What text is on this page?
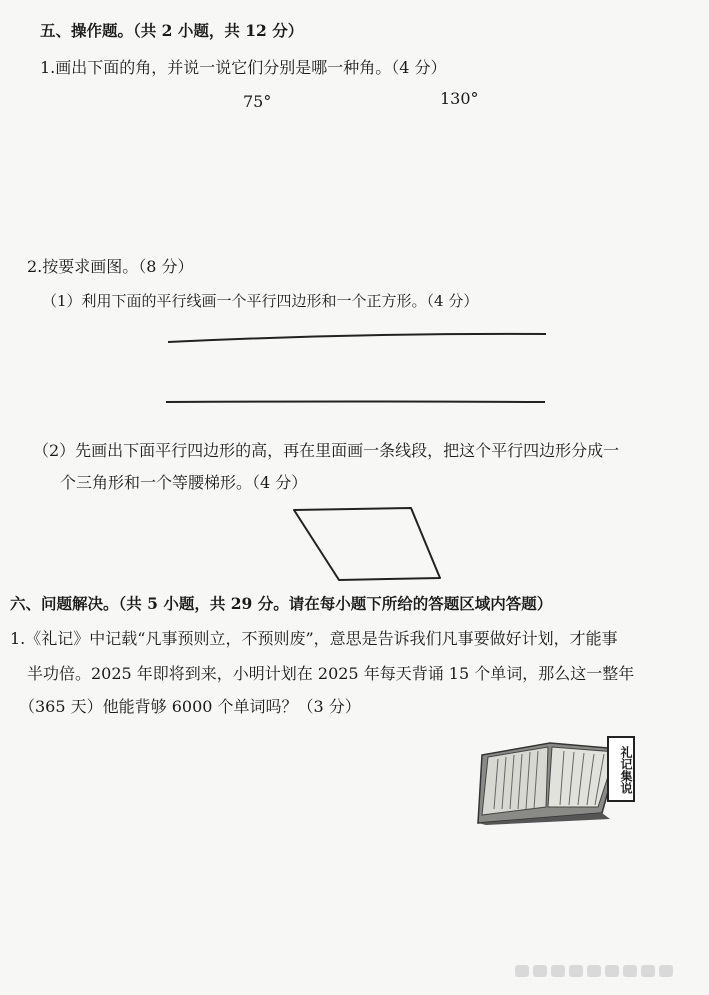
五、操作题。（共 2 小题，共 12 分）
1.画出下面的角，并说一说它们分别是哪一种角。（4 分）
75°	130°
2.按要求画图。（8 分）
（1）利用下面的平行线画一个平行四边形和一个正方形。（4 分）
（2）先画出下面平行四边形的高，再在里面画一条线段，把这个平行四边形分成一
个三角形和一个等腰梯形。（4 分）
六、问题解决。（共 5 小题，共 29 分。请在每小题下所给的答题区域内答题）
1.《礼记》中记载“凡事预则立，不预则废”，意思是告诉我们凡事要做好计划，才能事
半功倍。2025 年即将到来，小明计划在 2025 年每天背诵 15 个单词，那么这一整年
（365 天）他能背够 6000 个单词吗？（3 分）
礼记集说
